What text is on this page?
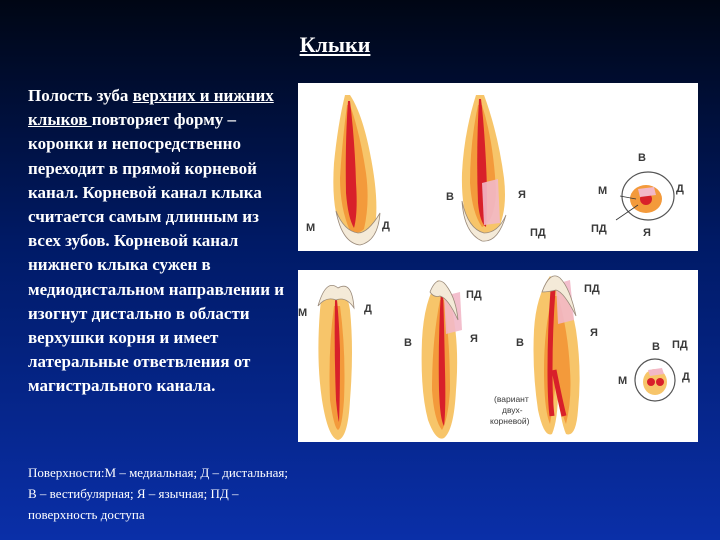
Клыки
Полость зуба верхних и нижних клыков повторяет форму – коронки и непосредственно переходит в прямой корневой канал. Корневой канал клыка считается самым длинным из всех зубов. Корневой канал нижнего клыка сужен в медиодистальном направлении и изогнут дистально в области верхушки корня и имеет латеральные ответвления от магистрального канала.
Поверхности:М – медиальная; Д – дистальная; В – вестибулярная; Я – язычная; ПД – поверхность доступа
М	Д
В	Я
ПД
В
М	Д
ПД	Я
М	Д
ПД
В	Я
ПД
Я
В	В ПД
М	Д
(вариант
двух-
корневой)
